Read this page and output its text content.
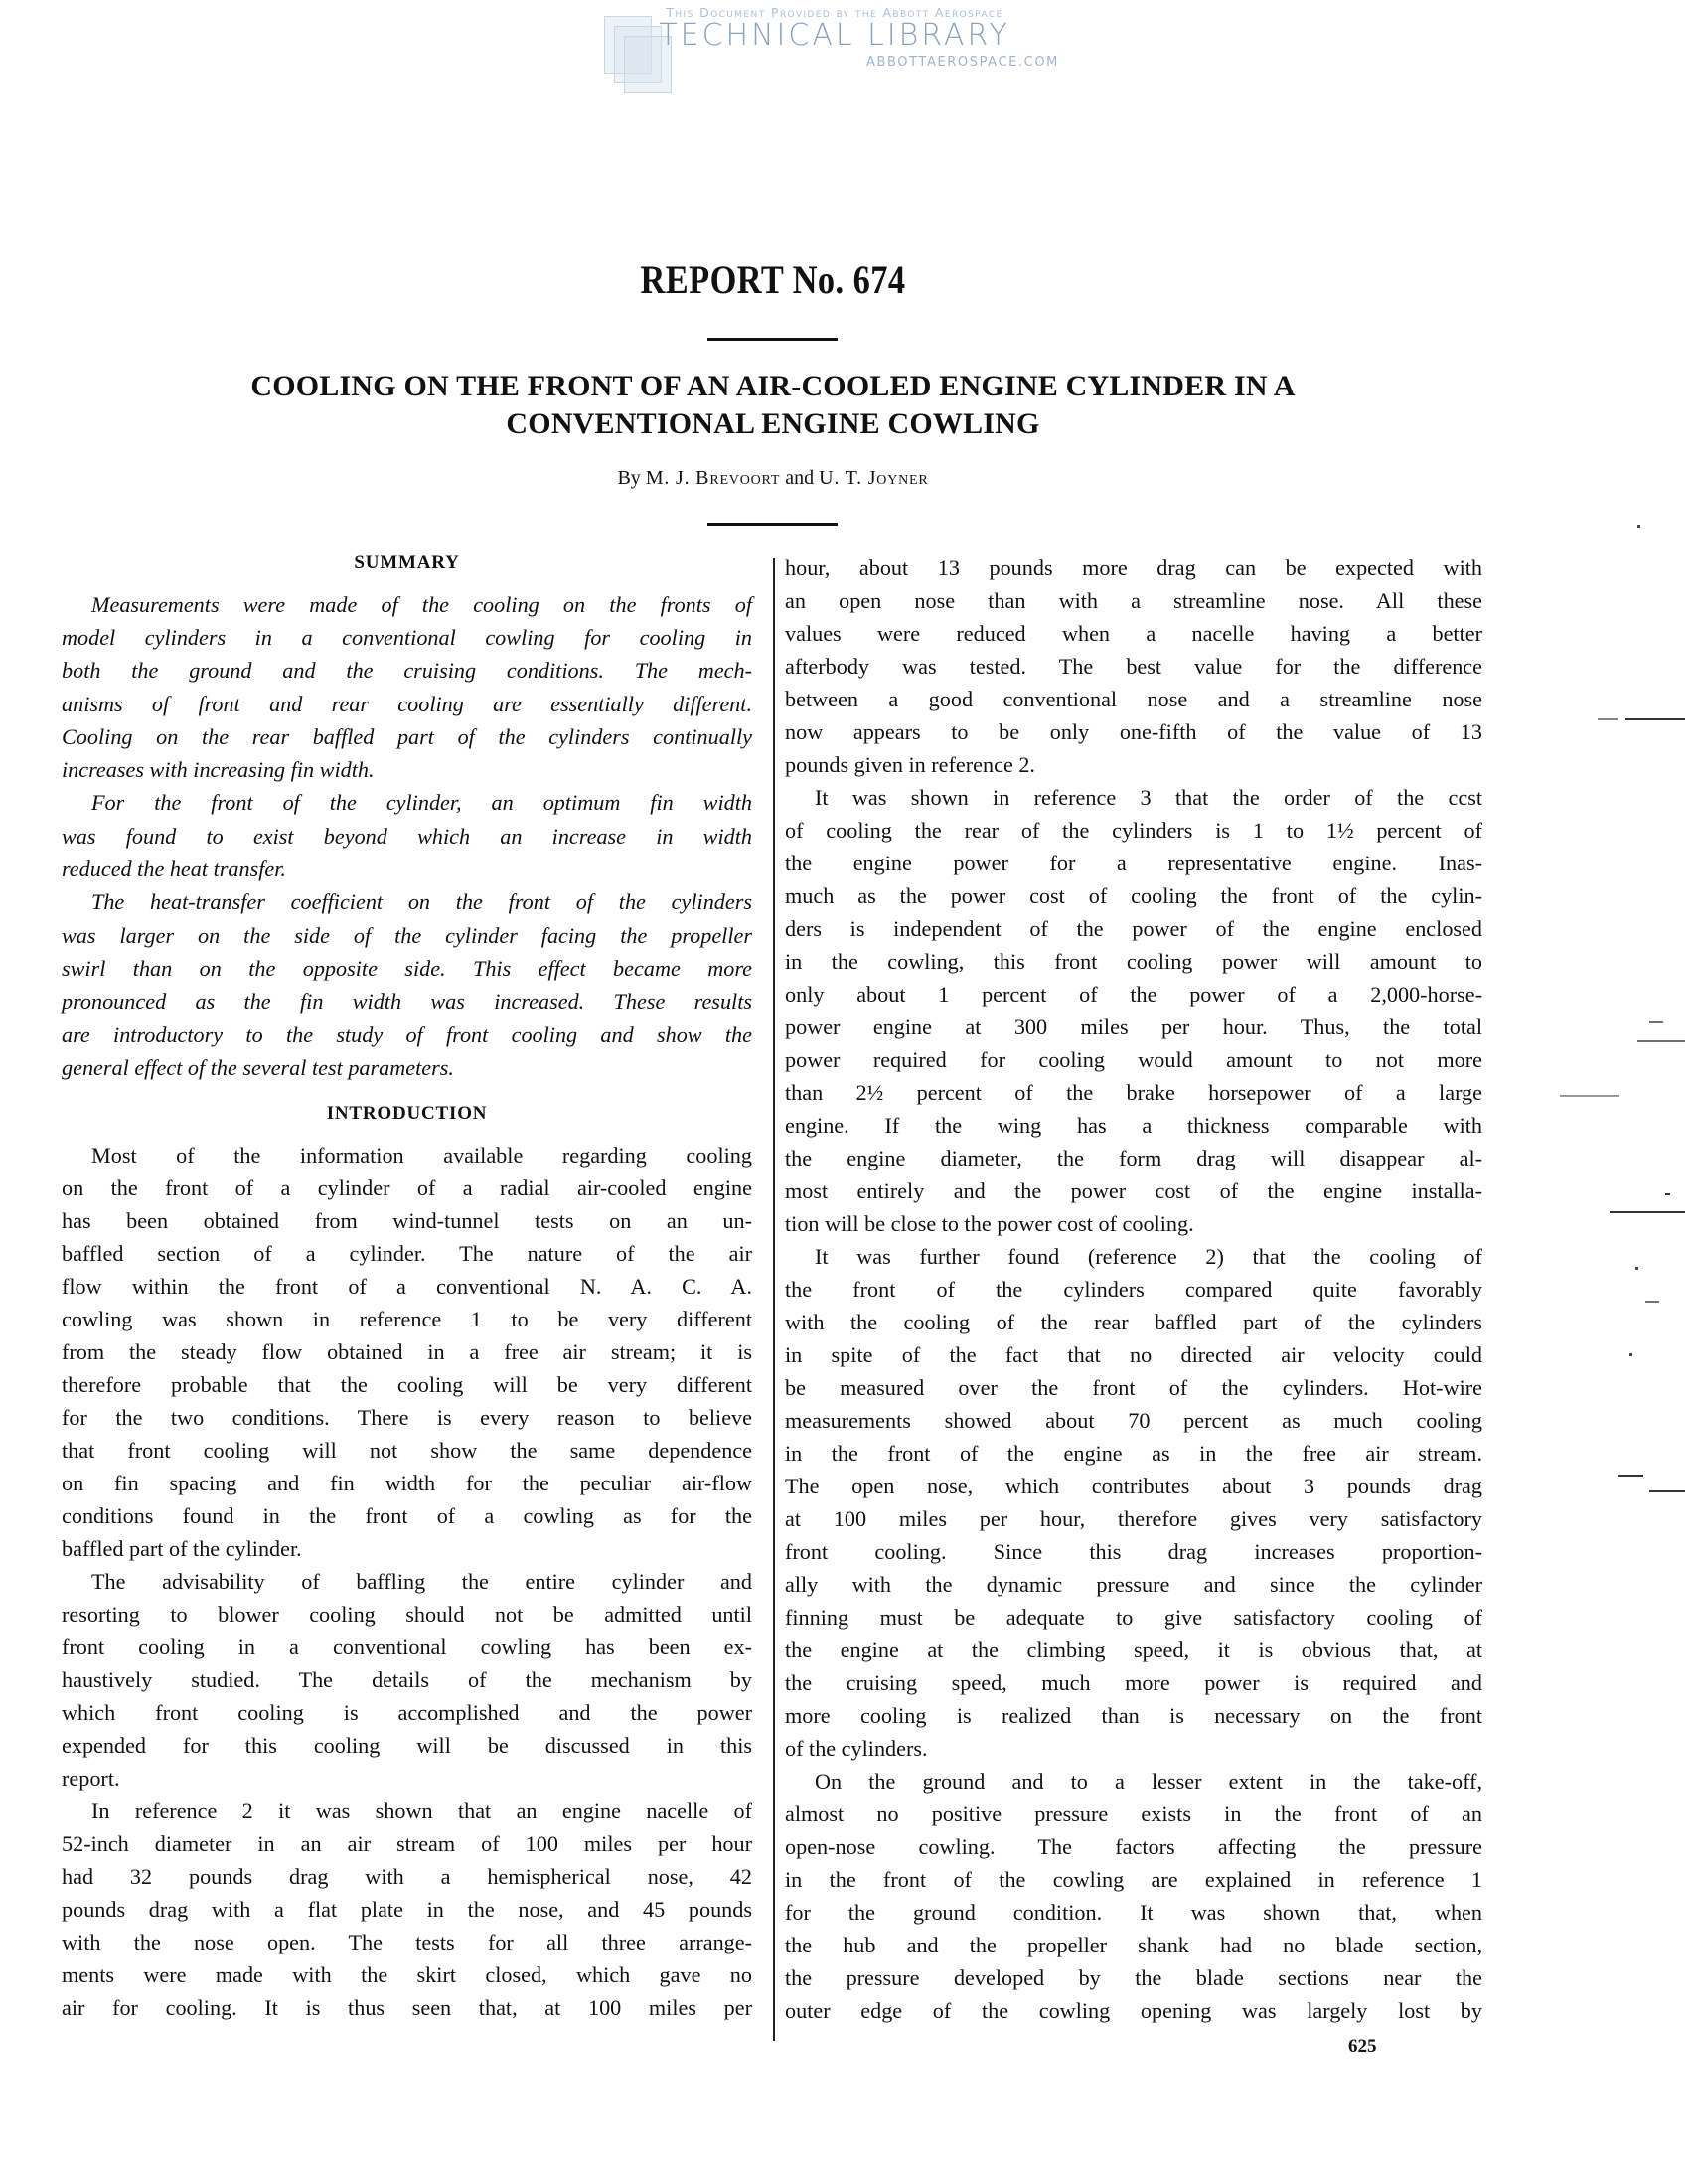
This Document Provided by the Abbott Aerospace
TECHNICAL LIBRARY
ABBOTTAEROSPACE.COM
REPORT No. 674
COOLING ON THE FRONT OF AN AIR-COOLED ENGINE CYLINDER IN A
CONVENTIONAL ENGINE COWLING
By M. J. Brevoort and U. T. Joyner
SUMMARY
Measurements were made of the cooling on the fronts of
model cylinders in a conventional cowling for cooling in
both the ground and the cruising conditions. The mech-
anisms of front and rear cooling are essentially different.
Cooling on the rear baffled part of the cylinders continually
increases with increasing fin width.
For the front of the cylinder, an optimum fin width
was found to exist beyond which an increase in width
reduced the heat transfer.
The heat-transfer coefficient on the front of the cylinders
was larger on the side of the cylinder facing the propeller
swirl than on the opposite side. This effect became more
pronounced as the fin width was increased. These results
are introductory to the study of front cooling and show the
general effect of the several test parameters.
INTRODUCTION
Most of the information available regarding cooling
on the front of a cylinder of a radial air-cooled engine
has been obtained from wind-tunnel tests on an un-
baffled section of a cylinder. The nature of the air
flow within the front of a conventional N. A. C. A.
cowling was shown in reference 1 to be very different
from the steady flow obtained in a free air stream; it is
therefore probable that the cooling will be very different
for the two conditions. There is every reason to believe
that front cooling will not show the same dependence
on fin spacing and fin width for the peculiar air-flow
conditions found in the front of a cowling as for the
baffled part of the cylinder.
The advisability of baffling the entire cylinder and
resorting to blower cooling should not be admitted until
front cooling in a conventional cowling has been ex-
haustively studied. The details of the mechanism by
which front cooling is accomplished and the power
expended for this cooling will be discussed in this
report.
In reference 2 it was shown that an engine nacelle of
52-inch diameter in an air stream of 100 miles per hour
had 32 pounds drag with a hemispherical nose, 42
pounds drag with a flat plate in the nose, and 45 pounds
with the nose open. The tests for all three arrange-
ments were made with the skirt closed, which gave no
air for cooling. It is thus seen that, at 100 miles per
hour, about 13 pounds more drag can be expected with
an open nose than with a streamline nose. All these
values were reduced when a nacelle having a better
afterbody was tested. The best value for the difference
between a good conventional nose and a streamline nose
now appears to be only one-fifth of the value of 13
pounds given in reference 2.
It was shown in reference 3 that the order of the ccst
of cooling the rear of the cylinders is 1 to 1½ percent of
the engine power for a representative engine. Inas-
much as the power cost of cooling the front of the cylin-
ders is independent of the power of the engine enclosed
in the cowling, this front cooling power will amount to
only about 1 percent of the power of a 2,000-horse-
power engine at 300 miles per hour. Thus, the total
power required for cooling would amount to not more
than 2½ percent of the brake horsepower of a large
engine. If the wing has a thickness comparable with
the engine diameter, the form drag will disappear al-
most entirely and the power cost of the engine installa-
tion will be close to the power cost of cooling.
It was further found (reference 2) that the cooling of
the front of the cylinders compared quite favorably
with the cooling of the rear baffled part of the cylinders
in spite of the fact that no directed air velocity could
be measured over the front of the cylinders. Hot-wire
measurements showed about 70 percent as much cooling
in the front of the engine as in the free air stream.
The open nose, which contributes about 3 pounds drag
at 100 miles per hour, therefore gives very satisfactory
front cooling. Since this drag increases proportion-
ally with the dynamic pressure and since the cylinder
finning must be adequate to give satisfactory cooling of
the engine at the climbing speed, it is obvious that, at
the cruising speed, much more power is required and
more cooling is realized than is necessary on the front
of the cylinders.
On the ground and to a lesser extent in the take-off,
almost no positive pressure exists in the front of an
open-nose cowling. The factors affecting the pressure
in the front of the cowling are explained in reference 1
for the ground condition. It was shown that, when
the hub and the propeller shank had no blade section,
the pressure developed by the blade sections near the
outer edge of the cowling opening was largely lost by
625
